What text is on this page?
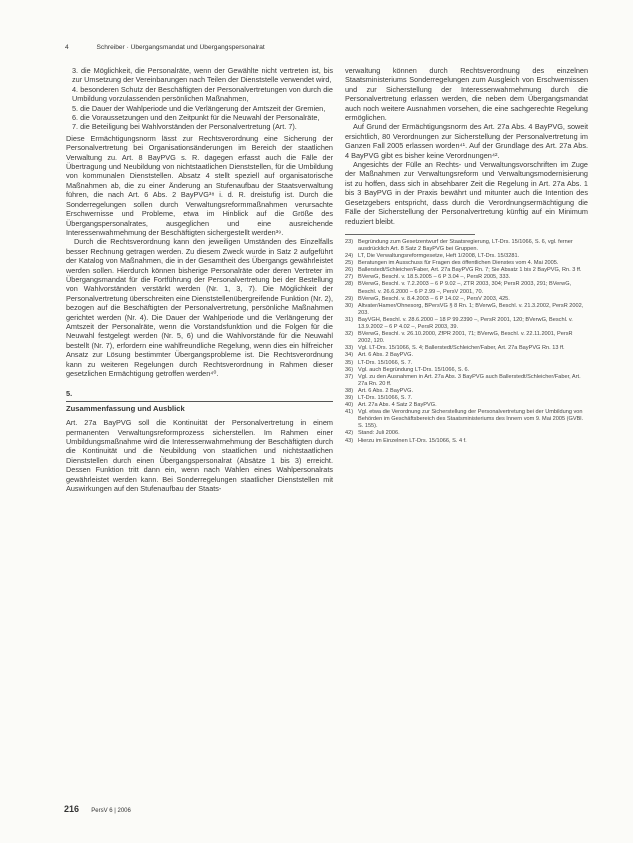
4	Schreiber · Übergangsmandat und Übergangspersonalrat
3. die Möglichkeit, die Personalräte, wenn der Gewählte nicht vertreten ist, bis zur Umsetzung der Vereinbarungen nach Teilen der Dienststelle verwendet wird,
4. besonderen Schutz der Beschäftigten der Personalvertretungen von durch die Umbildung vorzulassenden persönlichen Maßnahmen,
5. die Dauer der Wahlperiode und die Verlängerung der Amtszeit der Gremien,
6. die Voraussetzungen und den Zeitpunkt für die Neuwahl der Personalräte,
7. die Beteiligung bei Wahlvorständen der Personalvertretung (Art. 7).

Diese Ermächtigungsnorm lässt zur Rechtsverordnung eine Sicherung der Personalvertretung bei Organisationsänderungen im Bereich der staatlichen Verwaltung zu. Art. 8 BayPVG s. R. dagegen erfasst auch die Fälle der Übertragung und Neubildung von nichtstaatlichen Dienststellen, für die Umbildung von kommunalen Dienststellen. Absatz 4 stellt speziell auf organisatorische Maßnahmen ab, die zu einer Änderung an Stufenaufbau der Staatsverwaltung führen, die nach Art. 6 Abs. 2 BayPVG³⁸ i. d. R. dreistufig ist. Durch die Sonderregelungen sollen durch Verwaltungsreformmaßnahmen verursachte Erschwernisse und Probleme, etwa im Hinblick auf die Größe des Übergangspersonalrates, ausgeglichen und eine ausreichende Interessenwahrnehmung der Beschäftigten sichergestellt werden³⁹.

Durch die Rechtsverordnung kann den jeweiligen Umständen des Einzelfalls besser Rechnung getragen werden. Zu diesem Zweck wurde in Satz 2 aufgeführt der Katalog von Maßnahmen, die in der Gesamtheit des Übergangs gewährleistet werden sollen. Hierdurch können bisherige Personalräte oder deren Vertreter im Übergangsmandat für die Fortführung der Personalvertretung bei der Bestellung von Wahlvorständen verstärkt werden (Nr. 1, 3, 7). Die Möglichkeit der Personalvertretung überschreiten eine Dienststellenübergreifende Funktion (Nr. 2), bezogen auf die Beschäftigten der Personalvertretung, persönliche Maßnahmen gerichtet werden (Nr. 4). Die Dauer der Wahlperiode und die Verlängerung der Amtszeit der Personalräte, wenn die Vorstandsfunktion und die Folgen für die Neuwahl festgelegt werden (Nr. 5, 6) und die Wahlvorstände für die Neuwahl bestellt (Nr. 7), erfordern eine wahlfreundliche Regelung, wenn dies ein hilfreicher Ansatz zur Lösung bestimmter Übergangsprobleme ist. Die Rechtsverordnung kann zu weiteren Regelungen durch Rechtsverordnung in Rahmen dieser gesetzlichen Ermächtigung getroffen werden⁴⁰.

5.
Zusammenfassung und Ausblick

Art. 27a BayPVG soll die Kontinuität der Personalvertretung in einem permanenten Verwaltungsreformprozess sicherstellen. Im Rahmen einer Umbildungsmaßnahme wird die Interessenwahrnehmung der Beschäftigten durch die Kontinuität und die Neubildung von staatlichen und nichtstaatlichen Dienststellen durch einen Übergangspersonalrat (Absätze 1 bis 3) erreicht. Dessen Funktion tritt dann ein, wenn nach Wahlen eines Wahlpersonalrats gewährleistet werden kann. Bei Sonderregelungen staatlicher Dienststellen mit Auswirkungen auf den Stufenaufbau der Staats-

verwaltung können durch Rechtsverordnung des einzelnen Staatsministeriums Sonderregelungen zum Ausgleich von Erschwernissen und zur Sicherstellung der Interessenwahrnehmung durch die Personalvertretung erlassen werden, die neben dem Übergangsmandat auch noch weitere Ausnahmen vorsehen, die eine sachgerechte Regelung ermöglichen.

Auf Grund der Ermächtigungsnorm des Art. 27a Abs. 4 BayPVG, soweit ersichtlich, 80 Verordnungen zur Sicherstellung der Personalvertretung im Ganzen Fall 2005 erlassen worden⁴¹. Auf der Grundlage des Art. 27a Abs. 4 BayPVG gibt es bisher keine Verordnungen⁴².

Angesichts der Fülle an Rechts- und Verwaltungsvorschriften im Zuge der Maßnahmen zur Verwaltungsreform und Verwaltungsmodernisierung ist zu hoffen, dass sich in absehbarer Zeit die Regelung in Art. 27a Abs. 1 bis 3 BayPVG in der Praxis bewährt und mitunter auch die Intention des Gesetzgebers entspricht, dass durch die Verordnungsermächtigung die Fälle der Sicherstellung der Personalvertretung künftig auf ein Minimum reduziert bleibt.

23) Begründung zum Gesetzentwurf der Staatsregierung, LT-Drs. 15/1066, S. 6, vgl. ferner ausdrücklich Art. 8 Satz 2 BayPVG bei Gruppen.
24) LT, Die Verwaltungsreformgesetze, Heft 1/2008, LT-Drs. 15/3281.
25) Beratungen im Ausschuss für Fragen des öffentlichen Dienstes vom 4. Mai 2005.
26) Ballerstedt/Schleicher/Faber, Art. 27a BayPVG Rn. 7; Sie Absatz 1 bis 2 BayPVG, Rn. 3 ff.
27) BVerwG, Beschl. v. 18.5.2005 – 6 P 3.04 –, PersR 2005, 333.
28) BVerwG, Beschl. v. 7.2.2003 – 6 P 9.02 –, ZTR 2003, 304; PersR 2003, 291; BVerwG, Beschl. v. 26.6.2000 – 6 P 2.99 –, PersV 2001, 70.
29) BVerwG, Beschl. v. 8.4.2003 – 6 P 14.02 –, PersV 2003, 425.
30) Altvater/Hamer/Ohnesorg, BPersVG § 8 Rn. 1; BVerwG, Beschl. v. 21.3.2002, PersR 2002, 203.
31) BayVGH, Beschl. v. 28.6.2000 – 18 P 99.2390 –, PersR 2001, 120; BVerwG, Beschl. v. 13.9.2002 – 6 P 4.02 –, PersR 2003, 39.
32) BVerwG, Beschl. v. 26.10.2000, ZfPR 2001, 71; BVerwG, Beschl. v. 22.11.2001, PersR 2002, 120.
33) Vgl. LT-Drs. 15/1066, S. 4; Ballerstedt/Schleicher/Faber, Art. 27a BayPVG Rn. 13 ff.
34) Art. 6 Abs. 2 BayPVG.
35) LT-Drs. 15/1066, S. 7.
36) Vgl. auch Begründung LT-Drs. 15/1066, S. 6.
37) Vgl. zu den Ausnahmen in Art. 27a Abs. 3 BayPVG auch Ballerstedt/Schleicher/Faber, Art. 27a Rn. 20 ff.
38) Art. 6 Abs. 2 BayPVG.
39) LT-Drs. 15/1066, S. 7.
40) Art. 27a Abs. 4 Satz 2 BayPVG.
41) Vgl. etwa die Verordnung zur Sicherstellung der Personalvertretung bei der Umbildung von Behörden im Geschäftsbereich des Staatsministeriums des Innern vom 9. Mai 2005 (GVBl. S. 155).
42) Stand: Juli 2006.
43) Hierzu im Einzelnen LT-Drs. 15/1066, S. 4 f.
216 PersV 6 | 2006
